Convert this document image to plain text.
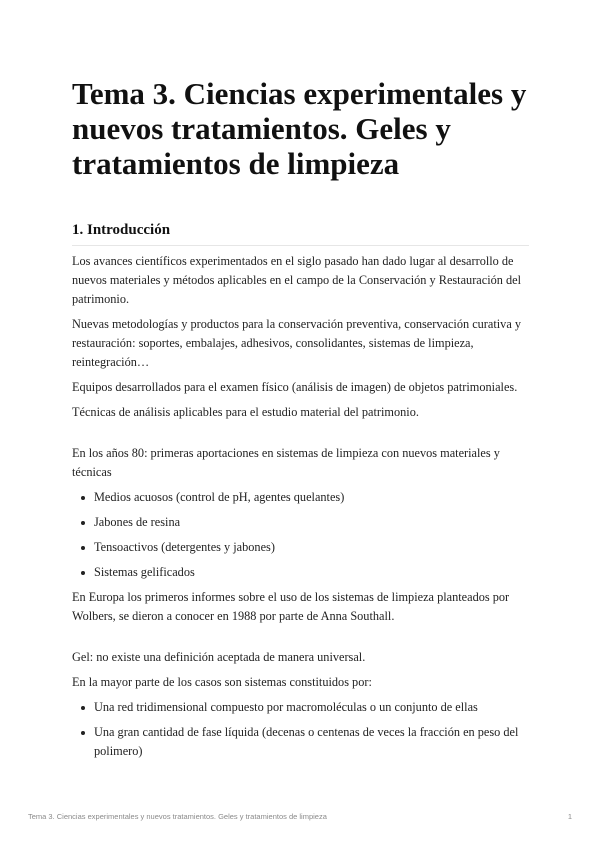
Tema 3. Ciencias experimentales y nuevos tratamientos. Geles y tratamientos de limpieza
1. Introducción

Los avances científicos experimentados en el siglo pasado han dado lugar al desarrollo de nuevos materiales y métodos aplicables en el campo de la Conservación y Restauración del patrimonio.

Nuevas metodologías y productos para la conservación preventiva, conservación curativa y restauración: soportes, embalajes, adhesivos, consolidantes, sistemas de limpieza, reintegración…

Equipos desarrollados para el examen físico (análisis de imagen) de objetos patrimoniales.

Técnicas de análisis aplicables para el estudio material del patrimonio.

En los años 80: primeras aportaciones en sistemas de limpieza con nuevos materiales y técnicas

Medios acuosos (control de pH, agentes quelantes)
Jabones de resina
Tensoactivos (detergentes y jabones)
Sistemas gelificados

En Europa los primeros informes sobre el uso de los sistemas de limpieza planteados por Wolbers, se dieron a conocer en 1988 por parte de Anna Southall.

Gel: no existe una definición aceptada de manera universal.

En la mayor parte de los casos son sistemas constituidos por:

Una red tridimensional compuesto por macromoléculas o un conjunto de ellas
Una gran cantidad de fase líquida (decenas o centenas de veces la fracción en peso del polimero)
Tema 3. Ciencias experimentales y nuevos tratamientos. Geles y tratamientos de limpieza	1
